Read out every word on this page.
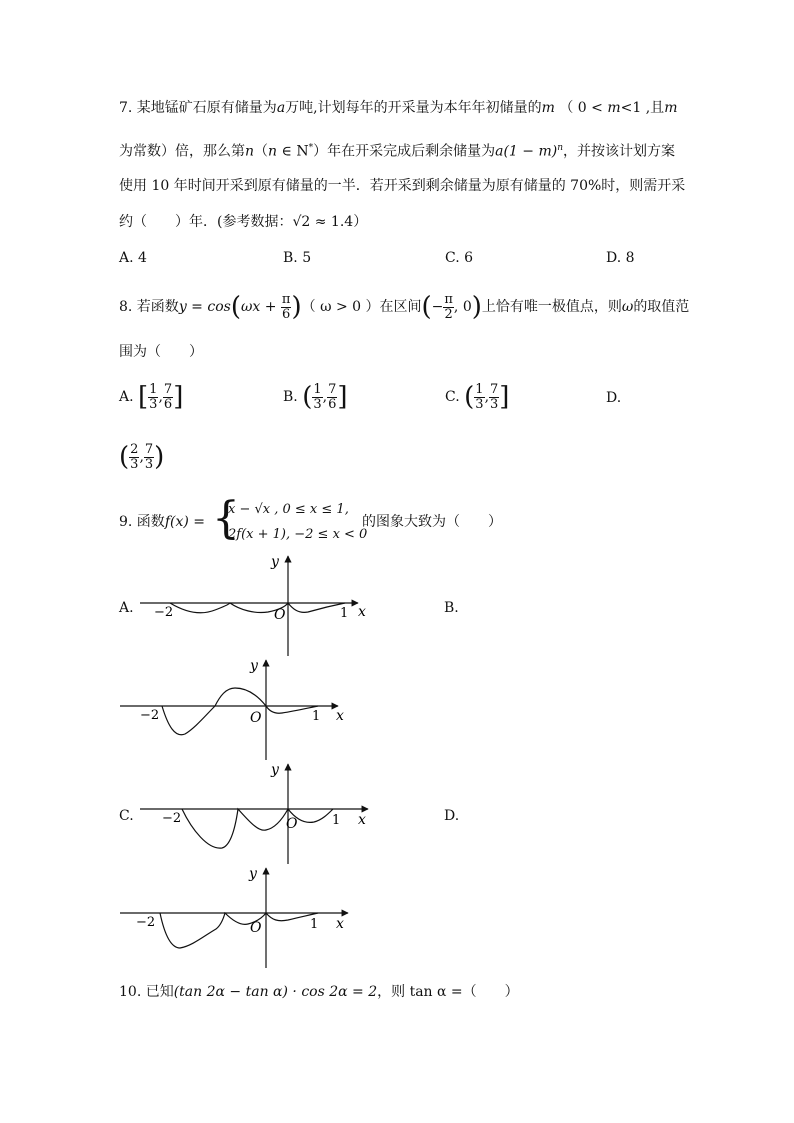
7. 某地锰矿石原有储量为a万吨,计划每年的开采量为本年年初储量的m （ 0 < m<1 ,且m
为常数）倍，那么第n（n ∈ N*）年在开采完成后剩余储量为$a(1 - m)^n$，并按该计划方案
使用 10 年时间开采到原有储量的一半．若开采到剩余储量为原有储量的 70%时，则需开采
约（　　）年．(参考数据：√2 ≈ 1.4）
A. 4	B. 5	C. 6	D. 8
8. 若函数$y = \cos(\omega x + \frac{\pi}{6}$ )（ ω > 0 ）在区间(− $\frac{\pi}{2}$ , 0)上恰有唯一极值点，则ω的取值范
围为（　　）
A. [ $\frac{1}{3}$ , $\frac{7}{6}$ ]	B. ( $\frac{1}{3}$ , $\frac{7}{6}$ ]	C. ( $\frac{1}{3}$ , $\frac{7}{3}$ ]	D.
( $\frac{2}{3}$ , $\frac{7}{3}$ )
9. 函数f(x) = {
x − √x , 0 ≤ x ≤ 1,
2f(x + 1), −2 ≤ x < 0
的图象大致为（　　）
A.	B.
C.	D.
−2	O	1 x
y
−2	O	1 x
y
−2	O	1 x
y
−2	O	1 x
y
10. 已知(tan 2α − tan α) · cos 2α = 2，则 tan α =（　　）
